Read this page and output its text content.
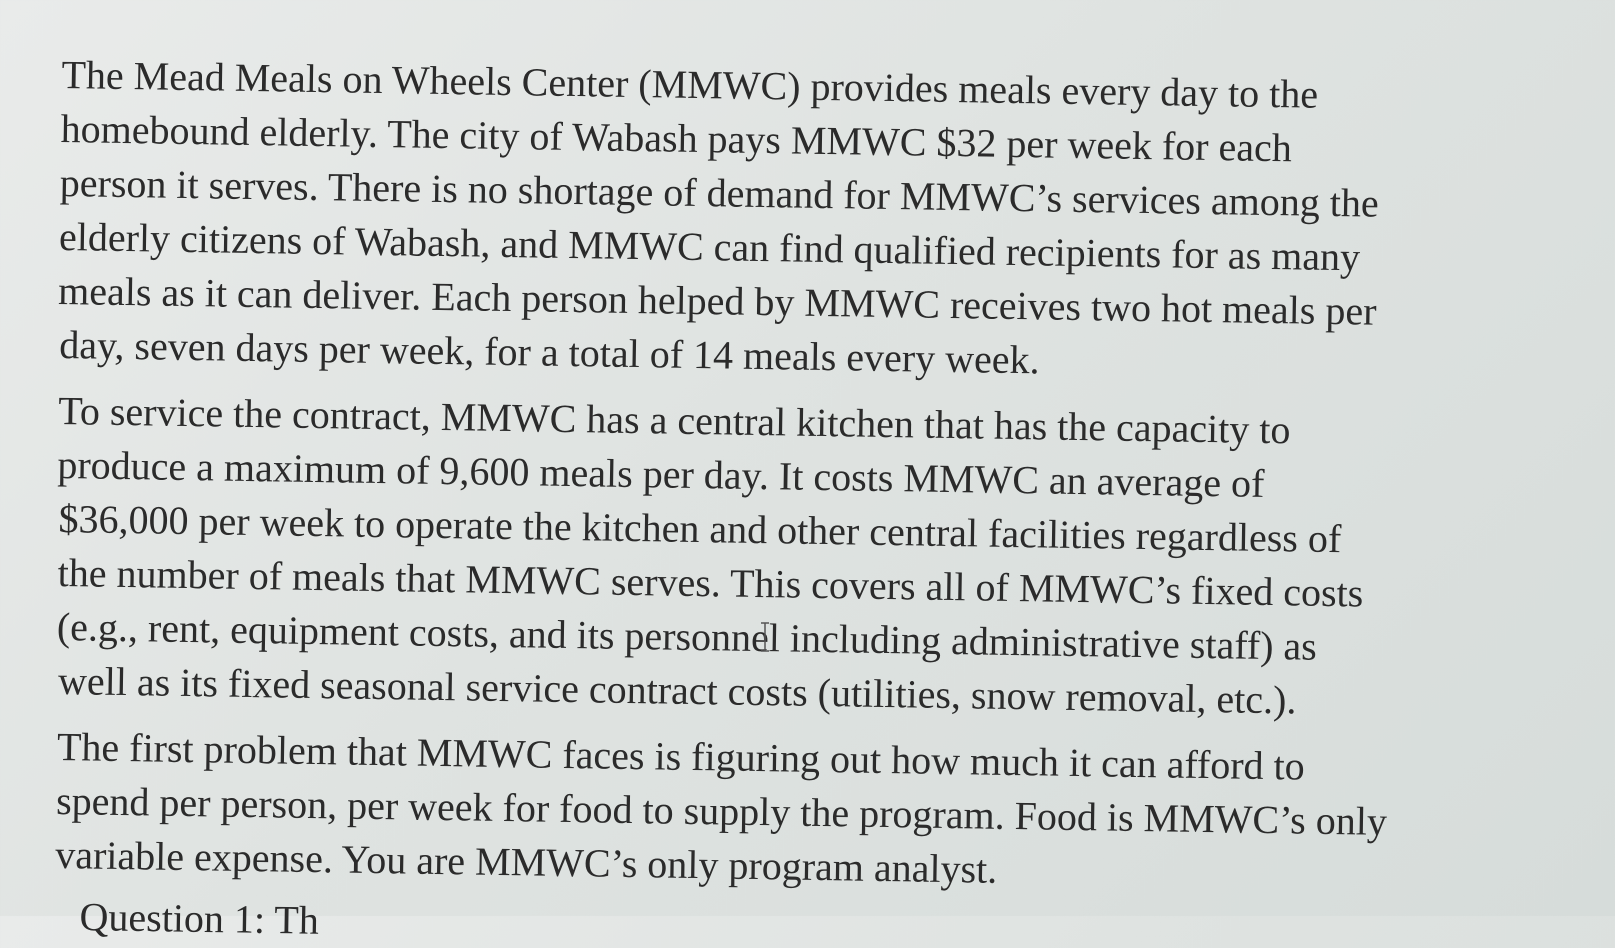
The Mead Meals on Wheels Center (MMWC) provides meals every day to the
homebound elderly. The city of Wabash pays MMWC $32 per week for each
person it serves. There is no shortage of demand for MMWC’s services among the
elderly citizens of Wabash, and MMWC can find qualified recipients for as many
meals as it can deliver. Each person helped by MMWC receives two hot meals per
day, seven days per week, for a total of 14 meals every week.

To service the contract, MMWC has a central kitchen that has the capacity to
produce a maximum of 9,600 meals per day. It costs MMWC an average of
$36,000 per week to operate the kitchen and other central facilities regardless of
the number of meals that MMWC serves. This covers all of MMWC’s fixed costs
(e.g., rent, equipment costs, and its personnel including administrative staff) as
well as its fixed seasonal service contract costs (utilities, snow removal, etc.).

The first problem that MMWC faces is figuring out how much it can afford to
spend per person, per week for food to supply the program. Food is MMWC’s only
variable expense. You are MMWC’s only program analyst.

Question 1: Th
